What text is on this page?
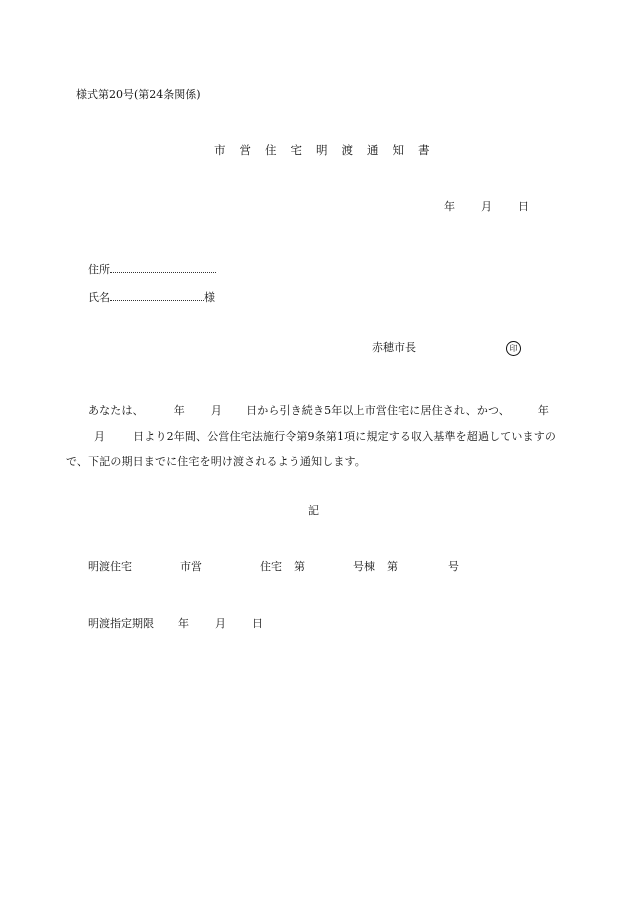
様式第20号(第24条関係)
市 営 住 宅 明 渡 通 知 書
年 月 日
住所
氏名	様
赤穂市長	印
あなたは、	年 月 日から引き続き5年以上市営住宅に居住され、かつ、	年月	日より2年間、公営住宅法施行令第9条第1項に規定する収入基準を超過していますので、下記の期日までに住宅を明け渡されるよう通知します。
記
明渡住宅	市営	住宅 第	号棟 第	号
明渡指定期限 年 月 日
